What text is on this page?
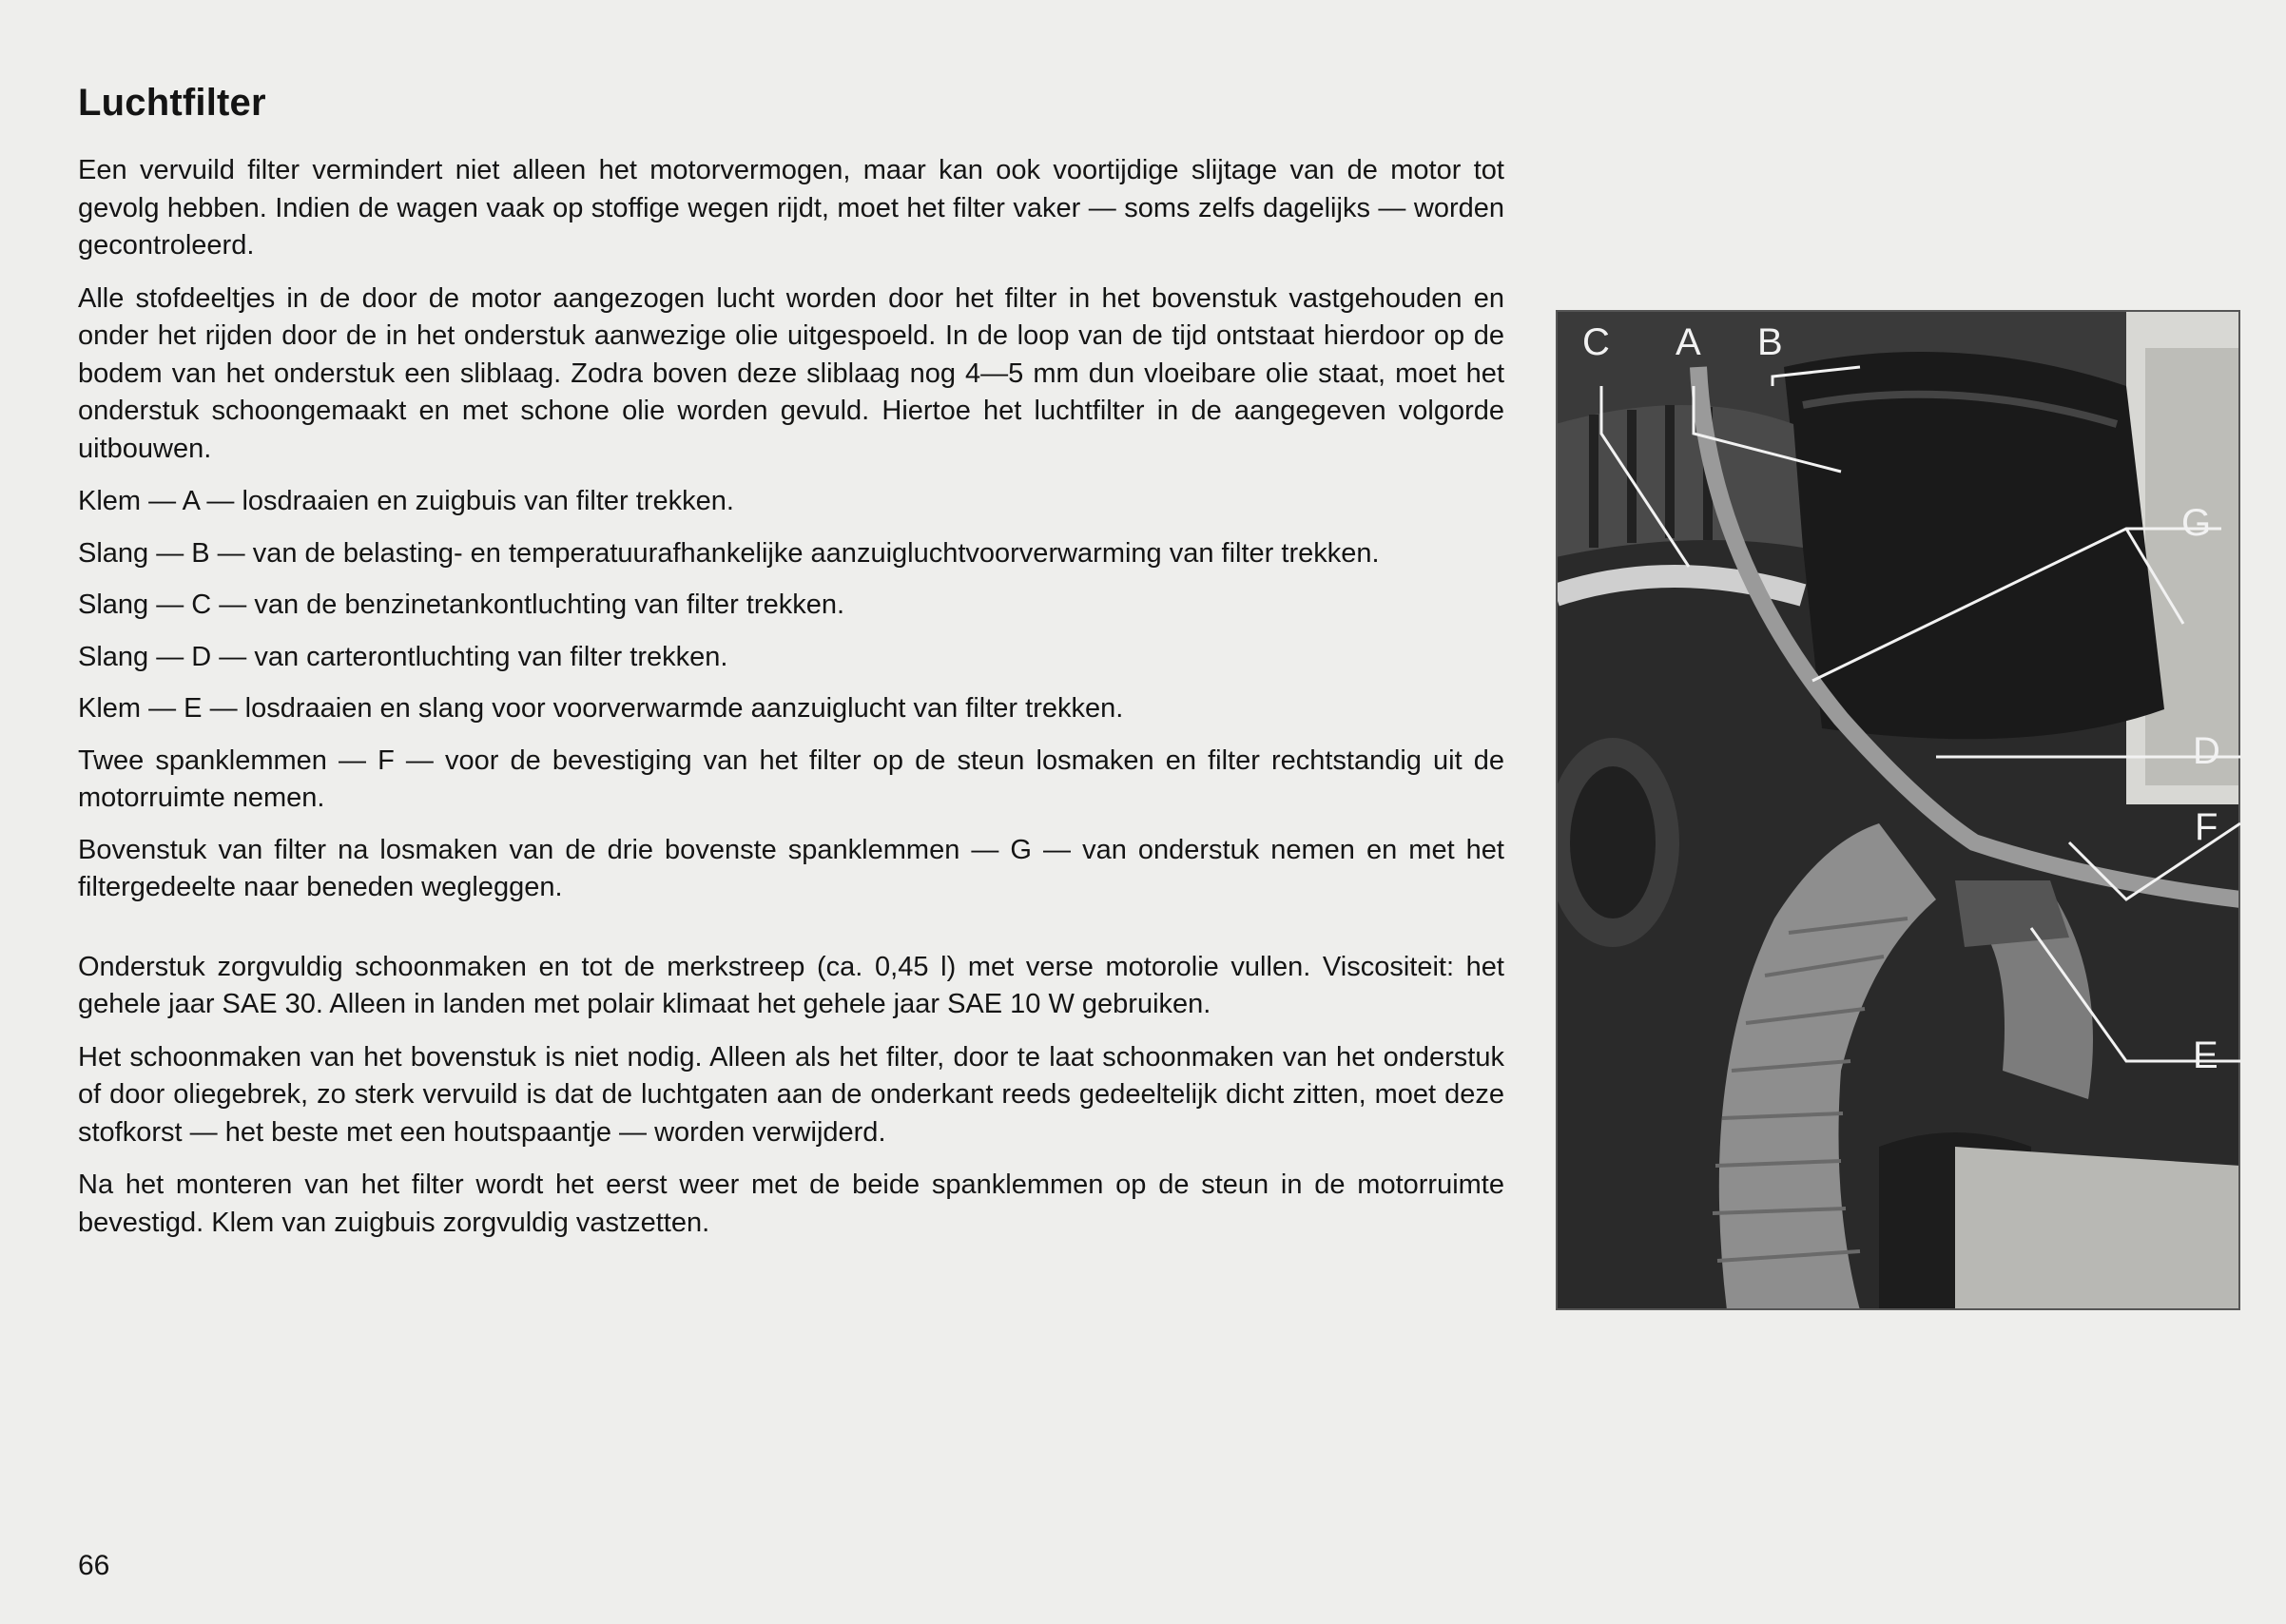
Luchtfilter

Een vervuild filter vermindert niet alleen het motorvermogen, maar kan ook voortijdige slijtage van de motor tot gevolg hebben. Indien de wagen vaak op stoffige wegen rijdt, moet het filter vaker — soms zelfs dagelijks — worden gecontroleerd.

Alle stofdeeltjes in de door de motor aangezogen lucht worden door het filter in het bovenstuk vastgehouden en onder het rijden door de in het onderstuk aanwezige olie uitgespoeld. In de loop van de tijd ontstaat hierdoor op de bodem van het onderstuk een sliblaag. Zodra boven deze sliblaag nog 4—5 mm dun vloeibare olie staat, moet het onderstuk schoongemaakt en met schone olie worden gevuld. Hiertoe het luchtfilter in de aangegeven volgorde uitbouwen.

Klem — A — losdraaien en zuigbuis van filter trekken.

Slang — B — van de belasting- en temperatuurafhankelijke aanzuigluchtvoorverwarming van filter trekken.

Slang — C — van de benzinetankontluchting van filter trekken.

Slang — D — van carterontluchting van filter trekken.

Klem — E — losdraaien en slang voor voorverwarmde aanzuiglucht van filter trekken.

Twee spanklemmen — F — voor de bevestiging van het filter op de steun losmaken en filter rechtstandig uit de motorruimte nemen.

Bovenstuk van filter na losmaken van de drie bovenste spanklemmen — G — van onderstuk nemen en met het filtergedeelte naar beneden wegleggen.

Onderstuk zorgvuldig schoonmaken en tot de merkstreep (ca. 0,45 l) met verse motorolie vullen. Viscositeit: het gehele jaar SAE 30. Alleen in landen met polair klimaat het gehele jaar SAE 10 W gebruiken.

Het schoonmaken van het bovenstuk is niet nodig. Alleen als het filter, door te laat schoonmaken van het onderstuk of door oliegebrek, zo sterk vervuild is dat de luchtgaten aan de onderkant reeds gedeeltelijk dicht zitten, moet deze stofkorst — het beste met een houtspaantje — worden verwijderd.

Na het monteren van het filter wordt het eerst weer met de beide spanklemmen op de steun in de motorruimte bevestigd. Klem van zuigbuis zorgvuldig vastzetten.

C A B
G
D
F
E
66
